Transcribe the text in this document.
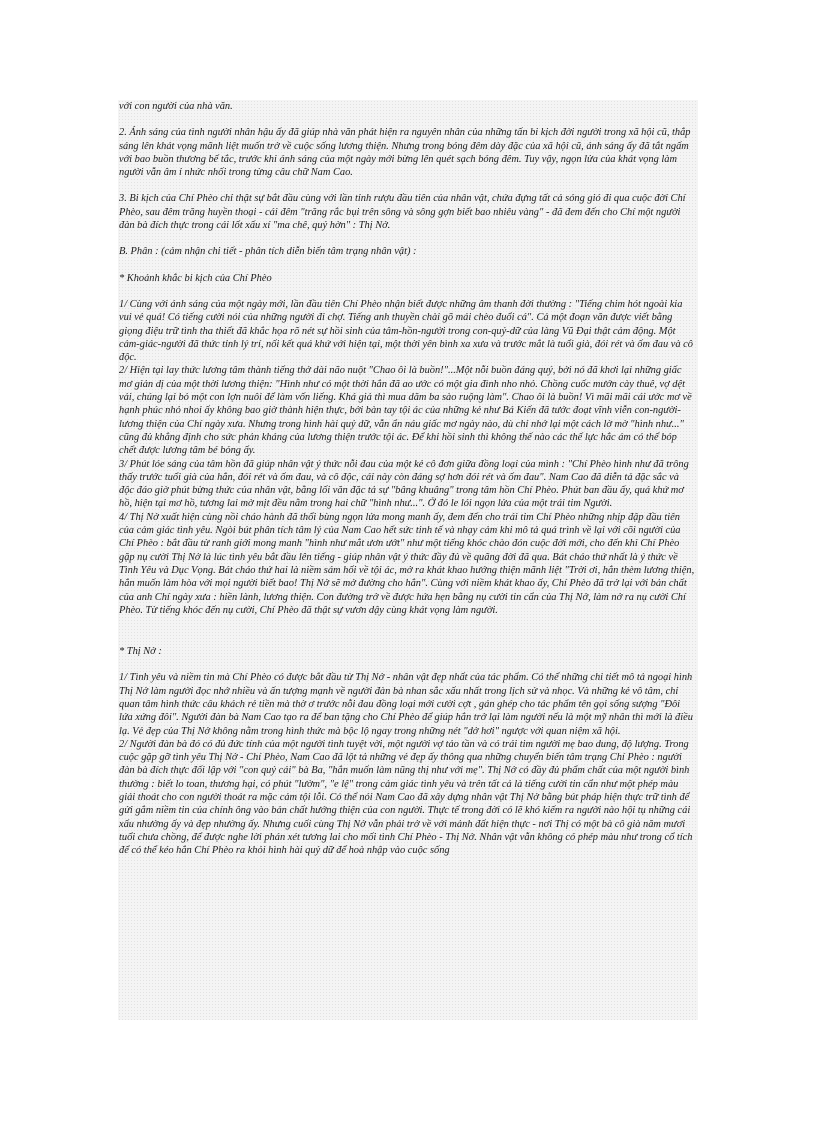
với con người của nhà văn.

2. Ánh sáng của tình người nhân hậu ấy đã giúp nhà văn phát hiện ra nguyên nhân của những tấn bi kịch đời người trong xã hội cũ, thắp sáng lên khát vọng mãnh liệt muốn trở về cuộc sống lương thiện. Nhưng trong bóng đêm dày đặc của xã hội cũ, ánh sáng ấy đã tắt ngấm với bao buồn thương bế tắc, trước khi ánh sáng của một ngày mới bừng lên quét sạch bóng đêm. Tuy vậy, ngọn lửa của khát vọng làm người vẫn âm ỉ nhức nhối trong từng câu chữ Nam Cao.

3. Bi kịch của Chí Phèo chỉ thật sự bắt đầu cùng với lần tỉnh rượu đầu tiên của nhân vật, chứa đựng tất cả sóng gió đi qua cuộc đời Chí Phèo, sau đêm trăng huyền thoại - cái đêm "trăng rắc bụi trên sông và sông gợn biết bao nhiêu vàng" - đã đem đến cho Chí một người đàn bà đích thực trong cái lốt xấu xí "ma chê, quỷ hờn" : Thị Nở.

B. Phân : (cảm nhận chi tiết - phân tích diễn biến tâm trạng nhân vật) :

* Khoảnh khắc bi kịch của Chí Phèo

1/ Cùng với ánh sáng của một ngày mới, lần đầu tiên Chí Phèo nhận biết được những âm thanh đời thường : "Tiếng chim hót ngoài kia vui vẻ quá! Có tiếng cười nói của những người đi chợ. Tiếng anh thuyền chài gõ mái chèo đuổi cá". Cả một đoạn văn được viết bằng giọng điệu trữ tình tha thiết đã khắc họa rõ nét sự hồi sinh của tâm-hồn-người trong con-quỷ-dữ của làng Vũ Đại thật cảm động. Một cảm-giác-người đã thức tỉnh lý trí, nối kết quá khứ với hiện tại, một thời yên bình xa xưa và trước mắt là tuổi già, đói rét và ốm đau và cô độc.

2/ Hiện tại lay thức lương tâm thành tiếng thở dài não nuột "Chao ôi là buồn!"...Một nỗi buồn đáng quý, bởi nó đã khơi lại những giấc mơ giản dị của một thời lương thiện: "Hình như có một thời hắn đã ao ước có một gia đình nho nhỏ. Chồng cuốc mướn cày thuê, vợ dệt vải, chúng lại bỏ một con lợn nuôi để làm vốn liếng. Khá giả thì mua dăm ba sào ruộng làm". Chao ôi là buồn! Vì mãi mãi cái ước mơ về hạnh phúc nhỏ nhoi ấy không bao giờ thành hiện thực, bởi bàn tay tội ác của những kẻ như Bá Kiến đã tước đoạt vĩnh viễn con-người-lương thiện của Chí ngày xưa. Nhưng trong hình hài quỷ dữ, vẫn ẩn náu giấc mơ ngày nào, dù chỉ nhớ lại một cách lờ mờ "hình như..." cũng đủ khẳng định cho sức phản kháng của lương thiện trước tội ác. Để khi hồi sinh thì không thế nào các thế lực hắc ám có thể bóp chết được lương tâm bé bỏng ấy.

3/ Phút lóe sáng của tâm hồn đã giúp nhân vật ý thức nỗi đau của một kẻ cô đơn giữa đồng loại của mình : "Chí Phèo hình như đã trông thấy trước tuổi già của hắn, đói rét và ốm đau, và cô độc, cái này còn đáng sợ hơn đói rét và ốm đau". Nam Cao đã diễn tả đặc sắc và độc đáo giờ phút bừng thức của nhân vật, bằng lối văn đặc tả sự "bâng khuâng" trong tâm hồn Chí Phèo. Phút ban đầu ấy, quá khứ mơ hồ, hiện tại mơ hồ, tương lai mờ mịt đều nằm trong hai chữ "hình như...". Ở đó le lói ngọn lửa của một trái tim Người.

4/ Thị Nở xuất hiện cùng nồi cháo hành đã thổi bùng ngọn lửa mong manh ấy, đem đến cho trái tim Chí Phèo những nhịp đập đầu tiên của cảm giác tình yêu. Ngòi bút phân tích tâm lý của Nam Cao hết sức tinh tế và nhạy cảm khi mô tả quá trình về lại với cõi người của Chí Phèo : bắt đầu từ ranh giới mong manh "hình như mắt ươn ướt" như một tiếng khóc chào đón cuộc đời mới, cho đến khi Chí Phèo gặp nụ cười Thị Nở là lúc tình yêu bắt đầu lên tiếng - giúp nhân vật ý thức đầy đủ về quãng đời đã qua. Bát cháo thứ nhất là ý thức về Tình Yêu và Dục Vọng. Bát cháo thứ hai là niềm sám hối về tội ác, mở ra khát khao hướng thiện mãnh liệt "Trời ơi, hắn thèm lương thiện, hắn muốn làm hòa với mọi người biết bao! Thị Nở sẽ mở đường cho hắn". Cùng với niềm khát khao ấy, Chí Phèo đã trở lại với bản chất của anh Chí ngày xưa : hiền lành, lương thiện. Con đường trở về được hứa hẹn bằng nụ cười tin cẩn của Thị Nở, làm nở ra nụ cười Chí Phèo. Từ tiếng khóc đến nụ cười, Chí Phèo đã thật sự vươn dậy cùng khát vọng làm người.

* Thị Nở :

1/ Tình yêu và niềm tin mà Chí Phèo có được bắt đầu từ Thị Nở - nhân vật đẹp nhất của tác phẩm. Có thể những chi tiết mô tả ngoại hình Thị Nở làm người đọc nhớ nhiều và ấn tượng mạnh về người đàn bà nhan sắc xấu nhất trong lịch sử và nhọc. Và những kẻ vô tâm, chỉ quan tâm hình thức câu khách rẻ tiền mà thờ ơ trước nỗi đau đồng loại mới cười cợt , gán ghép cho tác phẩm tên gọi sống sượng "Đôi lứa xứng đôi". Người đàn bà Nam Cao tạo ra để ban tặng cho Chí Phèo để giúp hắn trở lại làm người nếu là một mỹ nhân thì mới là điều lạ. Vẻ đẹp của Thị Nở không nằm trong hình thức mà bộc lộ ngay trong những nét "dở hơi" ngược với quan niệm xã hội.

2/ Người đàn bà đó có đủ đức tính của một người tình tuyệt vời, một người vợ tảo tần và có trái tim người mẹ bao dung, độ lượng. Trong cuộc gặp gỡ tình yêu Thị Nở - Chí Phèo, Nam Cao đã lột tả những vẻ đẹp ấy thông qua những chuyển biến tâm trạng Chí Phèo : người đàn bà đích thực đối lập với "con quỷ cái" bà Ba, "hắn muốn làm nũng thị như với mẹ". Thị Nở có đầy đủ phẩm chất của một người bình thường : biết lo toan, thương hại, có phút "lườm", "e lệ" trong cảm giác tình yêu và trên tất cả là tiếng cười tin cẩn như một phép màu giải thoát cho con người thoát ra mặc cảm tội lỗi. Có thể nói Nam Cao đã xây dựng nhân vật Thị Nở bằng bút pháp hiện thực trữ tình để gửi gắm niềm tin của chính ông vào bản chất hướng thiện của con người. Thực tế trong đời có lẽ khó kiếm ra người nào hội tụ những cái xấu nhường ấy và đẹp nhường ấy. Nhưng cuối cùng Thị Nở vẫn phải trở về với mảnh đất hiện thực - nơi Thị có một bà cô già năm mươi tuổi chưa chồng, để được nghe lời phán xét tương lai cho mối tình Chí Phèo - Thị Nở. Nhân vật vẫn không có phép màu như trong cổ tích để có thể kéo hắn Chí Phèo ra khỏi hình hài quỷ dữ để hoà nhập vào cuộc sống
